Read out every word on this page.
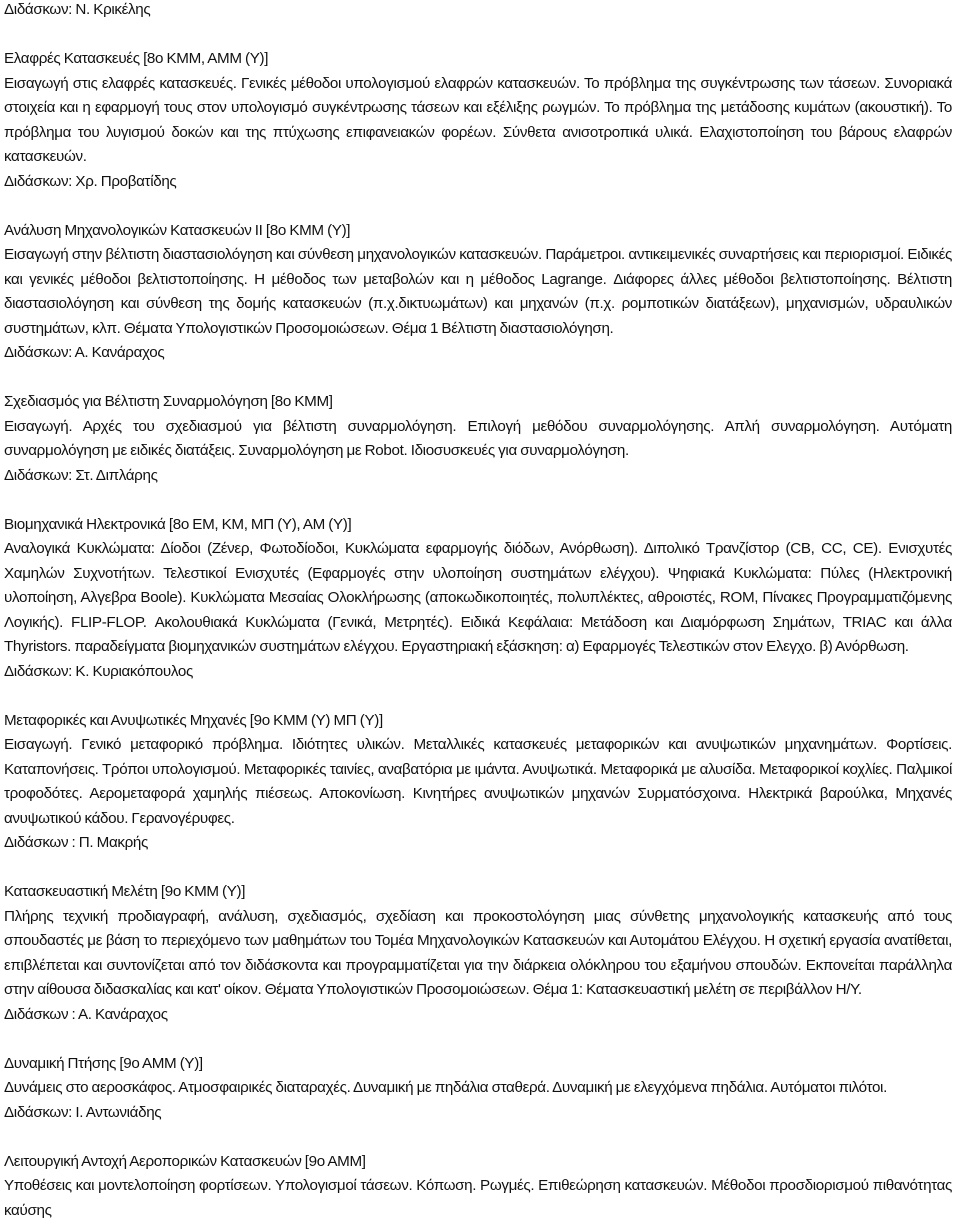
Διδάσκων: Ν. Κρικέλης
Ελαφρές Κατασκευές [8ο ΚΜΜ, ΑΜΜ (Υ)]
Εισαγωγή στις ελαφρές κατασκευές. Γενικές μέθοδοι υπολογισμού ελαφρών κατασκευών. Το πρόβλημα της συγκέντρωσης των τάσεων. Συνοριακά στοιχεία και η εφαρμογή τους στον υπολογισμό συγκέντρωσης τάσεων και εξέλιξης ρωγμών. Το πρόβλημα της μετάδοσης κυμάτων (ακουστική). Το πρόβλημα του λυγισμού δοκών και της πτύχωσης επιφανειακών φορέων. Σύνθετα ανισοτροπικά υλικά. Ελαχιστοποίηση του βάρους ελαφρών κατασκευών.
Διδάσκων: Χρ. Προβατίδης
Ανάλυση Μηχανολογικών Κατασκευών ΙΙ [8ο ΚΜΜ (Υ)]
Εισαγωγή στην βέλτιστη διαστασιολόγηση και σύνθεση μηχανολογικών κατασκευών. Παράμετροι. αντικειμενικές συναρτήσεις και περιορισμοί. Ειδικές και γενικές μέθοδοι βελτιστοποίησης. Η μέθοδος των μεταβολών και η μέθοδος Lagrange. Διάφορες άλλες μέθοδοι βελτιστοποίησης. Βέλτιστη διαστασιολόγηση και σύνθεση της δομής κατασκευών (π.χ.δικτυωμάτων) και μηχανών (π.χ. ρομποτικών διατάξεων), μηχανισμών, υδραυλικών συστημάτων, κλπ. Θέματα Υπολογιστικών Προσομοιώσεων. Θέμα 1 Βέλτιστη διαστασιολόγηση.
Διδάσκων: Α. Κανάραχος
Σχεδιασμός για Βέλτιστη Συναρμολόγηση [8ο ΚΜΜ]
Εισαγωγή. Αρχές του σχεδιασμού για βέλτιστη συναρμολόγηση. Επιλογή μεθόδου συναρμολόγησης. Απλή συναρμολόγηση. Αυτόματη συναρμολόγηση με ειδικές διατάξεις. Συναρμολόγηση με Robot. Ιδιοσυσκευές για συναρμολόγηση.
Διδάσκων: Στ. Διπλάρης
Βιομηχανικά Ηλεκτρονικά [8ο ΕΜ, ΚΜ, ΜΠ (Υ), ΑΜ (Υ)]
Αναλογικά Κυκλώματα: Δίοδοι (Ζένερ, Φωτοδίοδοι, Κυκλώματα εφαρμογής διόδων, Ανόρθωση). Διπολικό Τρανζίστορ (CB, CC, CE). Ενισχυτές Χαμηλών Συχνοτήτων. Τελεστικοί Ενισχυτές (Εφαρμογές στην υλοποίηση συστημάτων ελέγχου). Ψηφιακά Κυκλώματα: Πύλες (Ηλεκτρονική υλοποίηση, Αλγεβρα Boole). Κυκλώματα Μεσαίας Ολοκλήρωσης (αποκωδικοποιητές, πολυπλέκτες, αθροιστές, ROM, Πίνακες Προγραμματιζόμενης Λογικής). FLIP-FLOP. Ακολουθιακά Κυκλώματα (Γενικά, Μετρητές). Ειδικά Κεφάλαια: Μετάδοση και Διαμόρφωση Σημάτων, TRIAC και άλλα Thyristors. παραδείγματα βιομηχανικών συστημάτων ελέγχου. Εργαστηριακή εξάσκηση: α) Εφαρμογές Τελεστικών στον Ελεγχο. β) Ανόρθωση.
Διδάσκων: Κ. Κυριακόπουλος
Μεταφορικές και Ανυψωτικές Μηχανές [9ο ΚΜΜ (Υ) ΜΠ (Υ)]
Εισαγωγή. Γενικό μεταφορικό πρόβλημα. Ιδιότητες υλικών. Μεταλλικές κατασκευές μεταφορικών και ανυψωτικών μηχανημάτων. Φορτίσεις. Καταπονήσεις. Τρόποι υπολογισμού. Μεταφορικές ταινίες, αναβατόρια με ιμάντα. Ανυψωτικά. Μεταφορικά με αλυσίδα. Μεταφορικοί κοχλίες. Παλμικοί τροφοδότες. Αερομεταφορά χαμηλής πιέσεως. Αποκονίωση. Κινητήρες ανυψωτικών μηχανών Συρματόσχοινα. Ηλεκτρικά βαρούλκα, Μηχανές ανυψωτικού κάδου. Γερανογέρυφες.
Διδάσκων : Π. Μακρής
Κατασκευαστική Μελέτη [9ο ΚΜΜ (Υ)]
Πλήρης τεχνική προδιαγραφή, ανάλυση, σχεδιασμός, σχεδίαση και προκοστολόγηση μιας σύνθετης μηχανολογικής κατασκευής από τους σπουδαστές με βάση το περιεχόμενο των μαθημάτων του Τομέα Μηχανολογικών Κατασκευών και Αυτομάτου Ελέγχου. Η σχετική εργασία ανατίθεται, επιβλέπεται και συντονίζεται από τον διδάσκοντα και προγραμματίζεται για την διάρκεια ολόκληρου του εξαμήνου σπουδών. Εκπονείται παράλληλα στην αίθουσα διδασκαλίας και κατ' οίκον. Θέματα Υπολογιστικών Προσομοιώσεων. Θέμα 1: Κατασκευαστική μελέτη σε περιβάλλον Η/Υ.
Διδάσκων : Α. Κανάραχος
Δυναμική Πτήσης [9ο ΑΜΜ (Υ)]
Δυνάμεις στο αεροσκάφος. Ατμοσφαιρικές διαταραχές. Δυναμική με πηδάλια σταθερά. Δυναμική με ελεγχόμενα πηδάλια. Αυτόματοι πιλότοι.
Διδάσκων: Ι. Αντωνιάδης
Λειτουργική Αντοχή Αεροπορικών Κατασκευών [9ο ΑΜΜ]
Υποθέσεις και μοντελοποίηση φορτίσεων. Υπολογισμοί τάσεων. Κόπωση. Ρωγμές. Επιθεώρηση κατασκευών. Μέθοδοι προσδιορισμού πιθανότητας καύσης
